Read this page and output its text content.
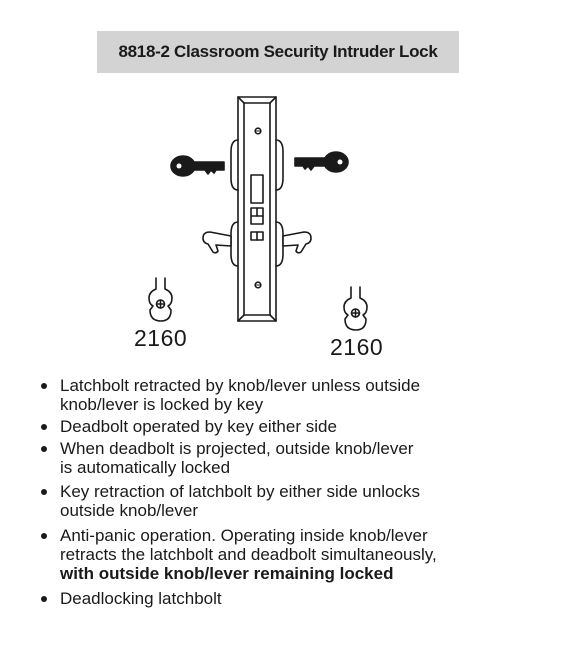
8818-2 Classroom Security Intruder Lock
2160	2160
Latchbolt retracted by knob/lever unless outside
knob/lever is locked by key
Deadbolt operated by key either side
When deadbolt is projected, outside knob/lever
is automatically locked
Key retraction of latchbolt by either side unlocks
outside knob/lever
Anti-panic operation. Operating inside knob/lever
retracts the latchbolt and deadbolt simultaneously,
with outside knob/lever remaining locked
Deadlocking latchbolt
